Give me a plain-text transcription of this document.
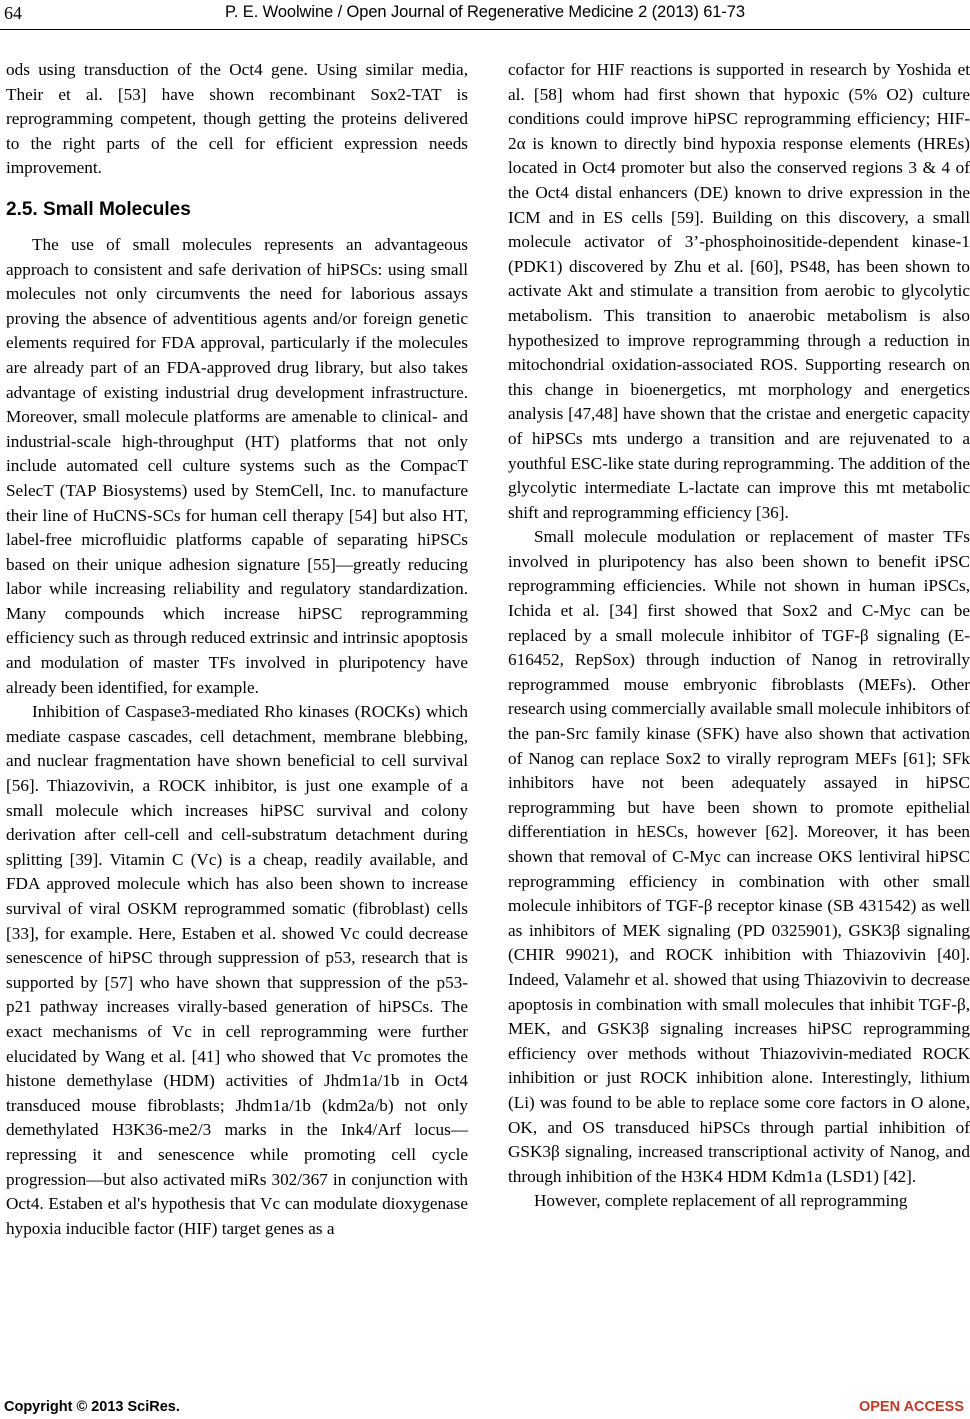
64	P. E. Woolwine / Open Journal of Regenerative Medicine 2 (2013) 61-73

ods using transduction of the Oct4 gene. Using similar media, Their et al. [53] have shown recombinant Sox2-TAT is reprogramming competent, though getting the proteins delivered to the right parts of the cell for efficient expression needs improvement.

2.5. Small Molecules

The use of small molecules represents an advantageous approach to consistent and safe derivation of hiPSCs: using small molecules not only circumvents the need for laborious assays proving the absence of adventitious agents and/or foreign genetic elements required for FDA approval, particularly if the molecules are already part of an FDA-approved drug library, but also takes advantage of existing industrial drug development infrastructure. Moreover, small molecule platforms are amenable to clinical- and industrial-scale high-throughput (HT) platforms that not only include automated cell culture systems such as the CompacT SelecT (TAP Biosystems) used by StemCell, Inc. to manufacture their line of HuCNS-SCs for human cell therapy [54] but also HT, label-free microfluidic platforms capable of separating hiPSCs based on their unique adhesion signature [55]—greatly reducing labor while increasing reliability and regulatory standardization. Many compounds which increase hiPSC reprogramming efficiency such as through reduced extrinsic and intrinsic apoptosis and modulation of master TFs involved in pluripotency have already been identified, for example.

Inhibition of Caspase3-mediated Rho kinases (ROCKs) which mediate caspase cascades, cell detachment, membrane blebbing, and nuclear fragmentation have shown beneficial to cell survival [56]. Thiazovivin, a ROCK inhibitor, is just one example of a small molecule which increases hiPSC survival and colony derivation after cell-cell and cell-substratum detachment during splitting [39]. Vitamin C (Vc) is a cheap, readily available, and FDA approved molecule which has also been shown to increase survival of viral OSKM reprogrammed somatic (fibroblast) cells [33], for example. Here, Estaben et al. showed Vc could decrease senescence of hiPSC through suppression of p53, research that is supported by [57] who have shown that suppression of the p53-p21 pathway increases virally-based generation of hiPSCs. The exact mechanisms of Vc in cell reprogramming were further elucidated by Wang et al. [41] who showed that Vc promotes the histone demethylase (HDM) activities of Jhdm1a/1b in Oct4 transduced mouse fibroblasts; Jhdm1a/1b (kdm2a/b) not only demethylated H3K36-me2/3 marks in the Ink4/Arf locus—repressing it and senescence while promoting cell cycle progression—but also activated miRs 302/367 in conjunction with Oct4. Estaben et al's hypothesis that Vc can modulate dioxygenase hypoxia inducible factor (HIF) target genes as a

cofactor for HIF reactions is supported in research by Yoshida et al. [58] whom had first shown that hypoxic (5% O2) culture conditions could improve hiPSC reprogramming efficiency; HIF-2α is known to directly bind hypoxia response elements (HREs) located in Oct4 promoter but also the conserved regions 3 & 4 of the Oct4 distal enhancers (DE) known to drive expression in the ICM and in ES cells [59]. Building on this discovery, a small molecule activator of 3’-phosphoinositide-dependent kinase-1 (PDK1) discovered by Zhu et al. [60], PS48, has been shown to activate Akt and stimulate a transition from aerobic to glycolytic metabolism. This transition to anaerobic metabolism is also hypothesized to improve reprogramming through a reduction in mitochondrial oxidation-associated ROS. Supporting research on this change in bioenergetics, mt morphology and energetics analysis [47,48] have shown that the cristae and energetic capacity of hiPSCs mts undergo a transition and are rejuvenated to a youthful ESC-like state during reprogramming. The addition of the glycolytic intermediate L-lactate can improve this mt metabolic shift and reprogramming efficiency [36].

Small molecule modulation or replacement of master TFs involved in pluripotency has also been shown to benefit iPSC reprogramming efficiencies. While not shown in human iPSCs, Ichida et al. [34] first showed that Sox2 and C-Myc can be replaced by a small molecule inhibitor of TGF-β signaling (E-616452, RepSox) through induction of Nanog in retrovirally reprogrammed mouse embryonic fibroblasts (MEFs). Other research using commercially available small molecule inhibitors of the pan-Src family kinase (SFK) have also shown that activation of Nanog can replace Sox2 to virally reprogram MEFs [61]; SFk inhibitors have not been adequately assayed in hiPSC reprogramming but have been shown to promote epithelial differentiation in hESCs, however [62]. Moreover, it has been shown that removal of C-Myc can increase OKS lentiviral hiPSC reprogramming efficiency in combination with other small molecule inhibitors of TGF-β receptor kinase (SB 431542) as well as inhibitors of MEK signaling (PD 0325901), GSK3β signaling (CHIR 99021), and ROCK inhibition with Thiazovivin [40]. Indeed, Valamehr et al. showed that using Thiazovivin to decrease apoptosis in combination with small molecules that inhibit TGF-β, MEK, and GSK3β signaling increases hiPSC reprogramming efficiency over methods without Thiazovivin-mediated ROCK inhibition or just ROCK inhibition alone. Interestingly, lithium (Li) was found to be able to replace some core factors in O alone, OK, and OS transduced hiPSCs through partial inhibition of GSK3β signaling, increased transcriptional activity of Nanog, and through inhibition of the H3K4 HDM Kdm1a (LSD1) [42].

However, complete replacement of all reprogramming

Copyright © 2013 SciRes.	OPEN ACCESS
